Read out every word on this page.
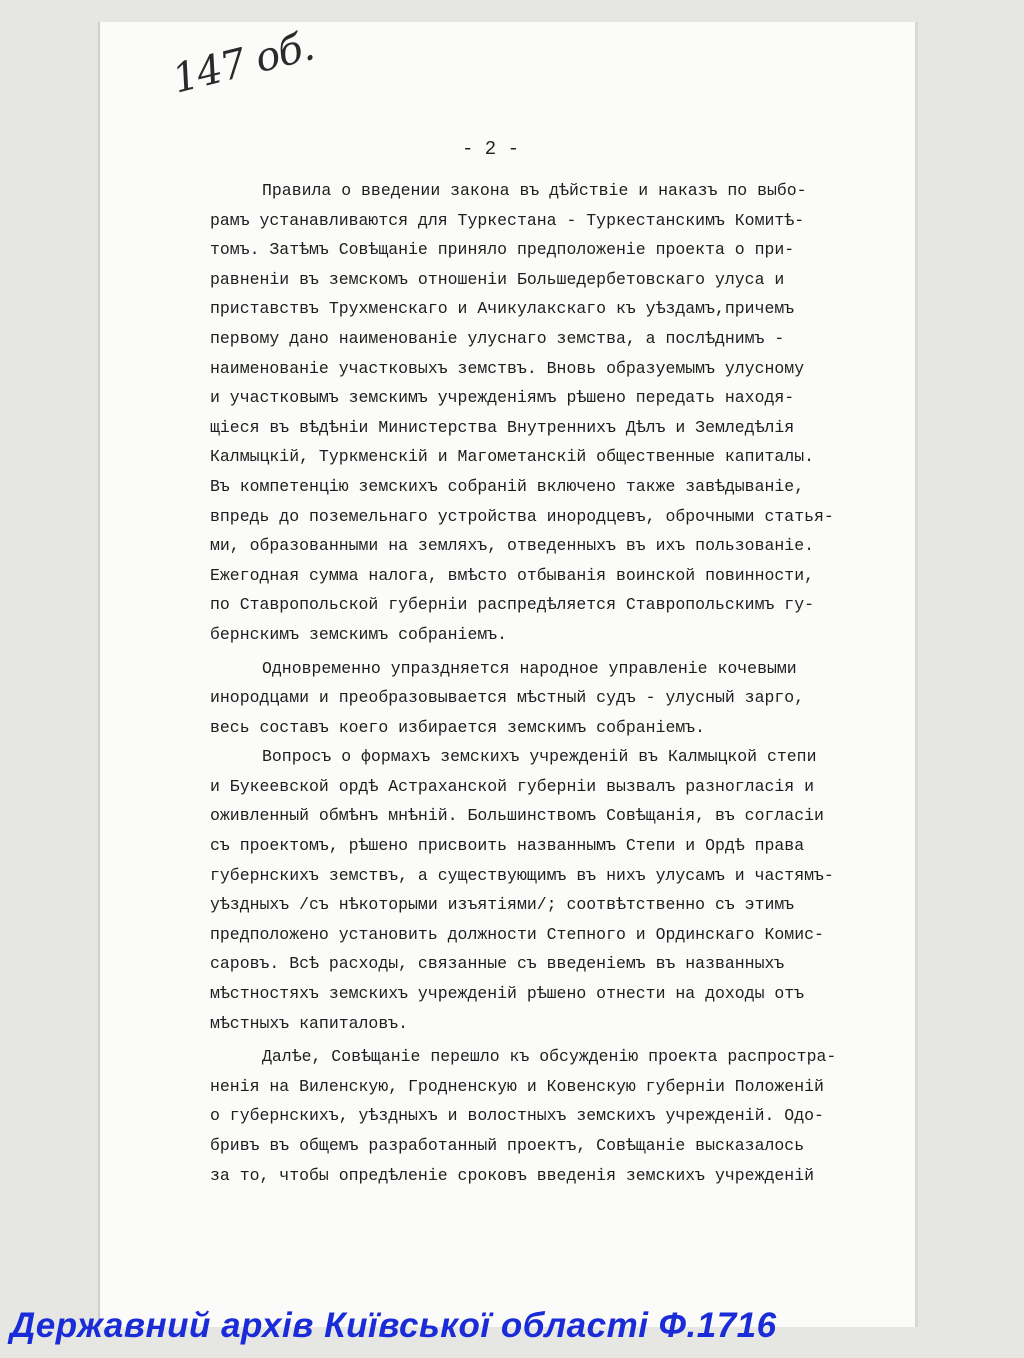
147 об.
- 2 -
Правила о введении закона въ дѣйствіе и наказъ по выбо-
рамъ устанавливаются для Туркестана - Туркестанскимъ Комитѣ-
томъ. Затѣмъ Совѣщаніе приняло предположеніе проекта о при-
равненіи въ земскомъ отношеніи Большедербетовскаго улуса и
приставствъ Трухменскаго и Ачикулакскаго къ уѣздамъ,причемъ
первому дано наименованіе улуснаго земства, а послѣднимъ -
наименованіе участковыхъ земствъ. Вновь образуемымъ улусному
и участковымъ земскимъ учрежденіямъ рѣшено передать находя-
щіеся въ вѣдѣніи Министерства Внутреннихъ Дѣлъ и Земледѣлія
Калмыцкій, Туркменскій и Магометанскій общественные капиталы.
Въ компетенцію земскихъ собраній включено также завѣдываніе,
впредь до поземельнаго устройства инородцевъ, оброчными статья-
ми, образованными на земляхъ, отведенныхъ въ ихъ пользованіе.
Ежегодная сумма налога, вмѣсто отбыванія воинской повинности,
по Ставропольской губерніи распредѣляется Ставропольскимъ гу-
бернскимъ земскимъ собраніемъ.
Одновременно упраздняется народное управленіе кочевыми
инородцами и преобразовывается мѣстный судъ - улусный зарго,
весь составъ коего избирается земскимъ собраніемъ.
Вопросъ о формахъ земскихъ учрежденій въ Калмыцкой степи
и Букеевской ордѣ Астраханской губерніи вызвалъ разногласія и
оживленный обмѣнъ мнѣній. Большинствомъ Совѣщанія, въ согласіи
съ проектомъ, рѣшено присвоить названнымъ Степи и Ордѣ права
губернскихъ земствъ, а существующимъ въ нихъ улусамъ и частямъ-
уѣздныхъ /съ нѣкоторыми изъятіями/; соотвѣтственно съ этимъ
предположено установить должности Степного и Ординскаго Комис-
саровъ. Всѣ расходы, связанные съ введеніемъ въ названныхъ
мѣстностяхъ земскихъ учрежденій рѣшено отнести на доходы отъ
мѣстныхъ капиталовъ.
Далѣе, Совѣщаніе перешло къ обсужденію проекта распростра-
ненія на Виленскую, Гродненскую и Ковенскую губерніи Положеній
о губернскихъ, уѣздныхъ и волостныхъ земскихъ учрежденій. Одо-
бривъ въ общемъ разработанный проектъ, Совѣщаніе высказалось
за то, чтобы опредѣленіе сроковъ введенія земскихъ учрежденій
Державний архів Київської області Ф.1716
